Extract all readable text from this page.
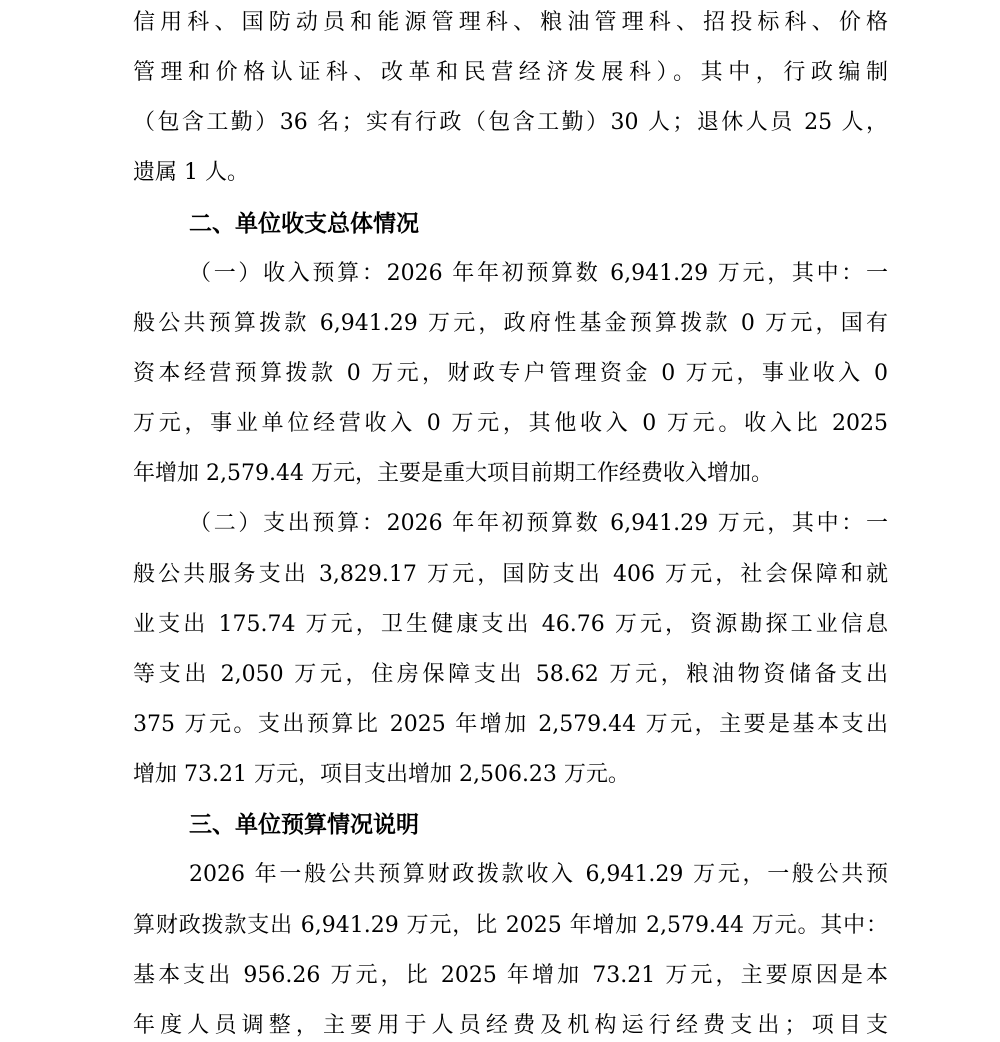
信用科、国防动员和能源管理科、粮油管理科、招投标科、价格
管理和价格认证科、改革和民营经济发展科）。其中，行政编制
（包含工勤）36 名；实有行政（包含工勤）30 人；退休人员 25 人，
遗属 1 人。
二、单位收支总体情况
（一）收入预算：2026 年年初预算数 6,941.29 万元，其中：一
般公共预算拨款 6,941.29 万元，政府性基金预算拨款 0 万元，国有
资本经营预算拨款 0 万元，财政专户管理资金 0 万元，事业收入 0
万元，事业单位经营收入 0 万元，其他收入 0 万元。收入比 2025
年增加 2,579.44 万元，主要是重大项目前期工作经费收入增加。
（二）支出预算：2026 年年初预算数 6,941.29 万元，其中：一
般公共服务支出 3,829.17 万元，国防支出 406 万元，社会保障和就
业支出 175.74 万元，卫生健康支出 46.76 万元，资源勘探工业信息
等支出 2,050 万元，住房保障支出 58.62 万元，粮油物资储备支出
375 万元。支出预算比 2025 年增加 2,579.44 万元，主要是基本支出
增加 73.21 万元，项目支出增加 2,506.23 万元。
三、单位预算情况说明
2026 年一般公共预算财政拨款收入 6,941.29 万元，一般公共预
算财政拨款支出 6,941.29 万元，比 2025 年增加 2,579.44 万元。其中：
基本支出 956.26 万元，比 2025 年增加 73.21 万元，主要原因是本
年度人员调整，主要用于人员经费及机构运行经费支出；项目支
